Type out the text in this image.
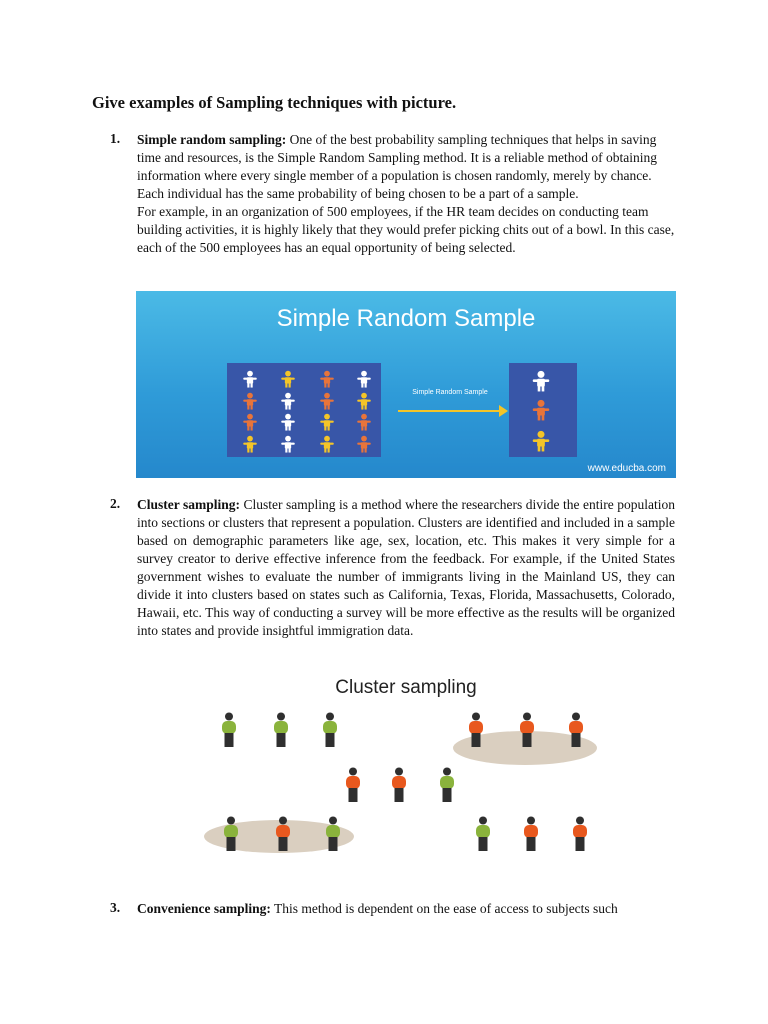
Give examples of Sampling techniques with picture.
1. Simple random sampling: One of the best probability sampling techniques that helps in saving time and resources, is the Simple Random Sampling method. It is a reliable method of obtaining information where every single member of a population is chosen randomly, merely by chance. Each individual has the same probability of being chosen to be a part of a sample.
For example, in an organization of 500 employees, if the HR team decides on conducting team building activities, it is highly likely that they would prefer picking chits out of a bowl. In this case, each of the 500 employees has an equal opportunity of being selected.
Simple Random Sample
Simple Random Sample
www.educba.com
2. Cluster sampling: Cluster sampling is a method where the researchers divide the entire population into sections or clusters that represent a population. Clusters are identified and included in a sample based on demographic parameters like age, sex, location, etc. This makes it very simple for a survey creator to derive effective inference from the feedback. For example, if the United States government wishes to evaluate the number of immigrants living in the Mainland US, they can divide it into clusters based on states such as California, Texas, Florida, Massachusetts, Colorado, Hawaii, etc. This way of conducting a survey will be more effective as the results will be organized into states and provide insightful immigration data.
Cluster sampling
3. Convenience sampling: This method is dependent on the ease of access to subjects such
